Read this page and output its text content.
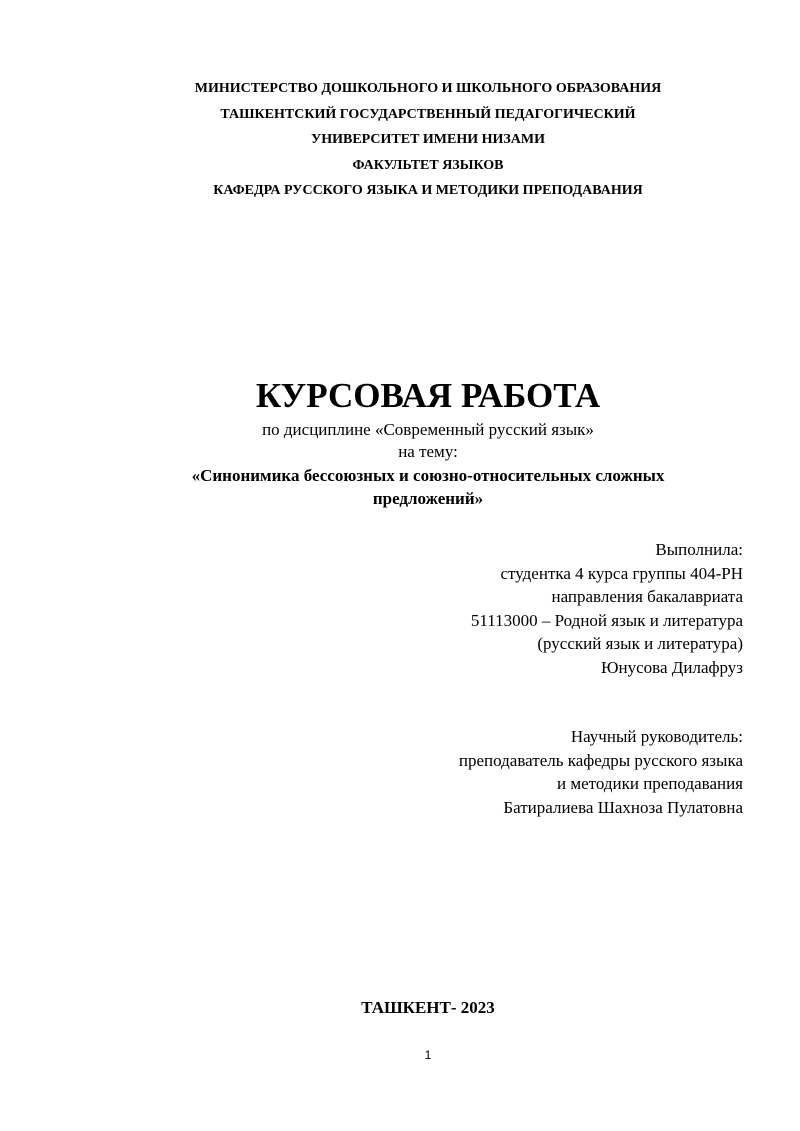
МИНИСТЕРСТВО ДОШКОЛЬНОГО И ШКОЛЬНОГО ОБРАЗОВАНИЯ
ТАШКЕНТСКИЙ ГОСУДАРСТВЕННЫЙ ПЕДАГОГИЧЕСКИЙ
УНИВЕРСИТЕТ ИМЕНИ НИЗАМИ
ФАКУЛЬТЕТ ЯЗЫКОВ
КАФЕДРА РУССКОГО ЯЗЫКА И МЕТОДИКИ ПРЕПОДАВАНИЯ
КУРСОВАЯ РАБОТА
по дисциплине «Современный русский язык»
на тему:
«Синонимика бессоюзных и союзно-относительных сложных предложений»
Выполнила:
студентка 4 курса группы 404-РН
направления бакалавриата
51113000 – Родной язык и литература
(русский язык и литература)
Юнусова Дилафруз
Научный руководитель:
преподаватель кафедры русского языка
и методики преподавания
Батиралиева Шахноза Пулатовна
ТАШКЕНТ- 2023
1
